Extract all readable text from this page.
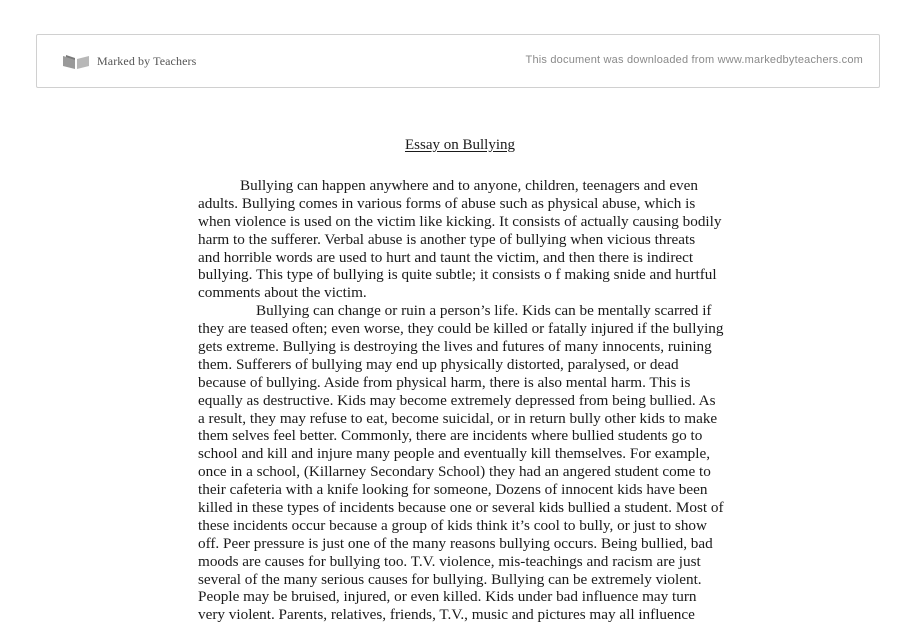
Marked by Teachers	This document was downloaded from www.markedbyteachers.com
Essay on Bullying
Bullying can happen anywhere and to anyone, children, teenagers and even
adults. Bullying comes in various forms of abuse such as physical abuse, which is
when violence is used on the victim like kicking. It consists of actually causing bodily
harm to the sufferer. Verbal abuse is another type of bullying when vicious threats
and horrible words are used to hurt and taunt the victim, and then there is indirect
bullying. This type of bullying is quite subtle; it consists o f making snide and hurtful
comments about the victim.
Bullying can change or ruin a person’s life. Kids can be mentally scarred if
they are teased often; even worse, they could be killed or fatally injured if the bullying
gets extreme. Bullying is destroying the lives and futures of many innocents, ruining
them. Sufferers of bullying may end up physically distorted, paralysed, or dead
because of bullying. Aside from physical harm, there is also mental harm. This is
equally as destructive. Kids may become extremely depressed from being bullied. As
a result, they may refuse to eat, become suicidal, or in return bully other kids to make
them selves feel better. Commonly, there are incidents where bullied students go to
school and kill and injure many people and eventually kill themselves. For example,
once in a school, (Killarney Secondary School) they had an angered student come to
their cafeteria with a knife looking for someone, Dozens of innocent kids have been
killed in these types of incidents because one or several kids bullied a student. Most of
these incidents occur because a group of kids think it’s cool to bully, or just to show
off. Peer pressure is just one of the many reasons bullying occurs. Being bullied, bad
moods are causes for bullying too. T.V. violence, mis-teachings and racism are just
several of the many serious causes for bullying. Bullying can be extremely violent.
People may be bruised, injured, or even killed. Kids under bad influence may turn
very violent. Parents, relatives, friends, T.V., music and pictures may all influence
